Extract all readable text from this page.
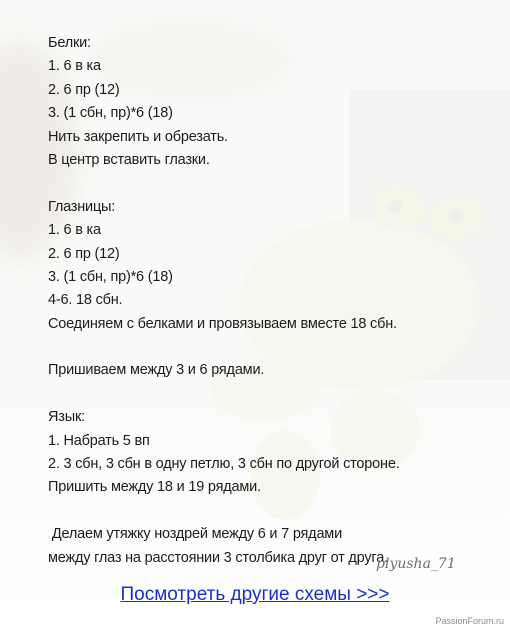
Белки:
1. 6 в ка
2. 6 пр (12)
3. (1 сбн, пр)*6 (18)
Нить закрепить и обрезать.
В центр вставить глазки.
Глазницы:
1. 6 в ка
2. 6 пр (12)
3. (1 сбн, пр)*6 (18)
4-6. 18 сбн.
Соединяем с белками и провязываем вместе 18 сбн.
Пришиваем между 3 и 6 рядами.
Язык:
1. Набрать 5 вп
2. 3 сбн, 3 сбн в одну петлю, 3 сбн по другой стороне.
Пришить между 18 и 19 рядами.
Делаем утяжку ноздрей между 6 и 7 рядами
между глаз на расстоянии 3 столбика друг от друга.
plyusha_71
Посмотреть другие схемы >>>
PassionForum.ru
